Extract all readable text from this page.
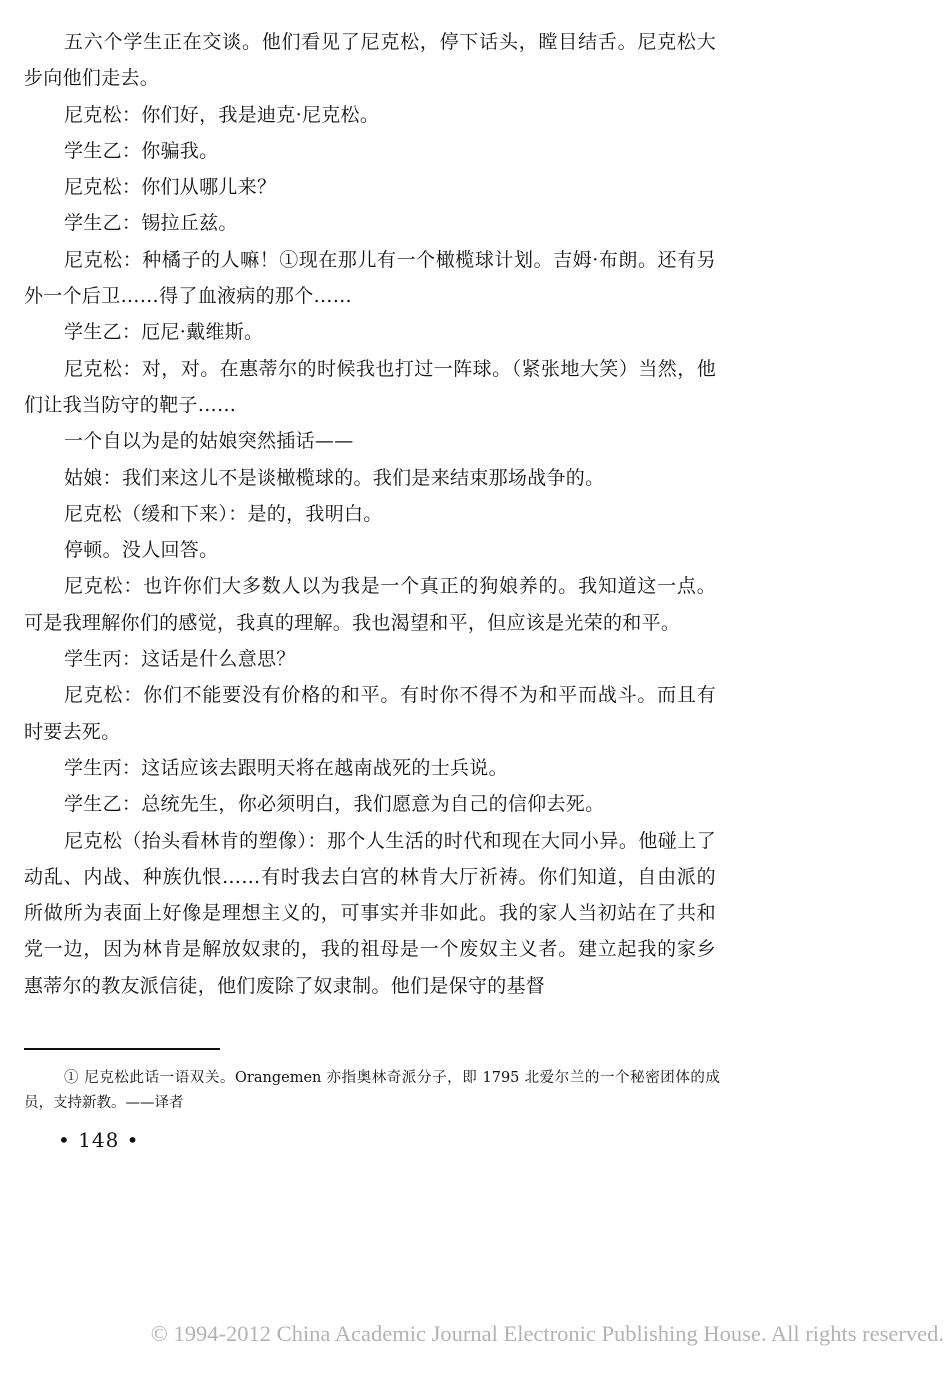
五六个学生正在交谈。他们看见了尼克松，停下话头，瞠目结舌。尼克松大步向他们走去。

尼克松：你们好，我是迪克·尼克松。

学生乙：你骗我。

尼克松：你们从哪儿来？

学生乙：锡拉丘兹。

尼克松：种橘子的人嘛！①现在那儿有一个橄榄球计划。吉姆·布朗。还有另外一个后卫……得了血液病的那个……

学生乙：厄尼·戴维斯。

尼克松：对，对。在惠蒂尔的时候我也打过一阵球。（紧张地大笑）当然，他们让我当防守的靶子……

一个自以为是的姑娘突然插话——

姑娘：我们来这儿不是谈橄榄球的。我们是来结束那场战争的。

尼克松（缓和下来）：是的，我明白。

停顿。没人回答。

尼克松：也许你们大多数人以为我是一个真正的狗娘养的。我知道这一点。可是我理解你们的感觉，我真的理解。我也渴望和平，但应该是光荣的和平。

学生丙：这话是什么意思？

尼克松：你们不能要没有价格的和平。有时你不得不为和平而战斗。而且有时要去死。

学生丙：这话应该去跟明天将在越南战死的士兵说。

学生乙：总统先生，你必须明白，我们愿意为自己的信仰去死。

尼克松（抬头看林肯的塑像）：那个人生活的时代和现在大同小异。他碰上了动乱、内战、种族仇恨……有时我去白宫的林肯大厅祈祷。你们知道，自由派的所做所为表面上好像是理想主义的，可事实并非如此。我的家人当初站在了共和党一边，因为林肯是解放奴隶的，我的祖母是一个废奴主义者。建立起我的家乡惠蒂尔的教友派信徒，他们废除了奴隶制。他们是保守的基督

① 尼克松此话一语双关。Orangemen 亦指奥林奇派分子，即 1795 北爱尔兰的一个秘密团体的成员，支持新教。——译者

• 148 •
© 1994-2012 China Academic Journal Electronic Publishing House. All rights reserved.
